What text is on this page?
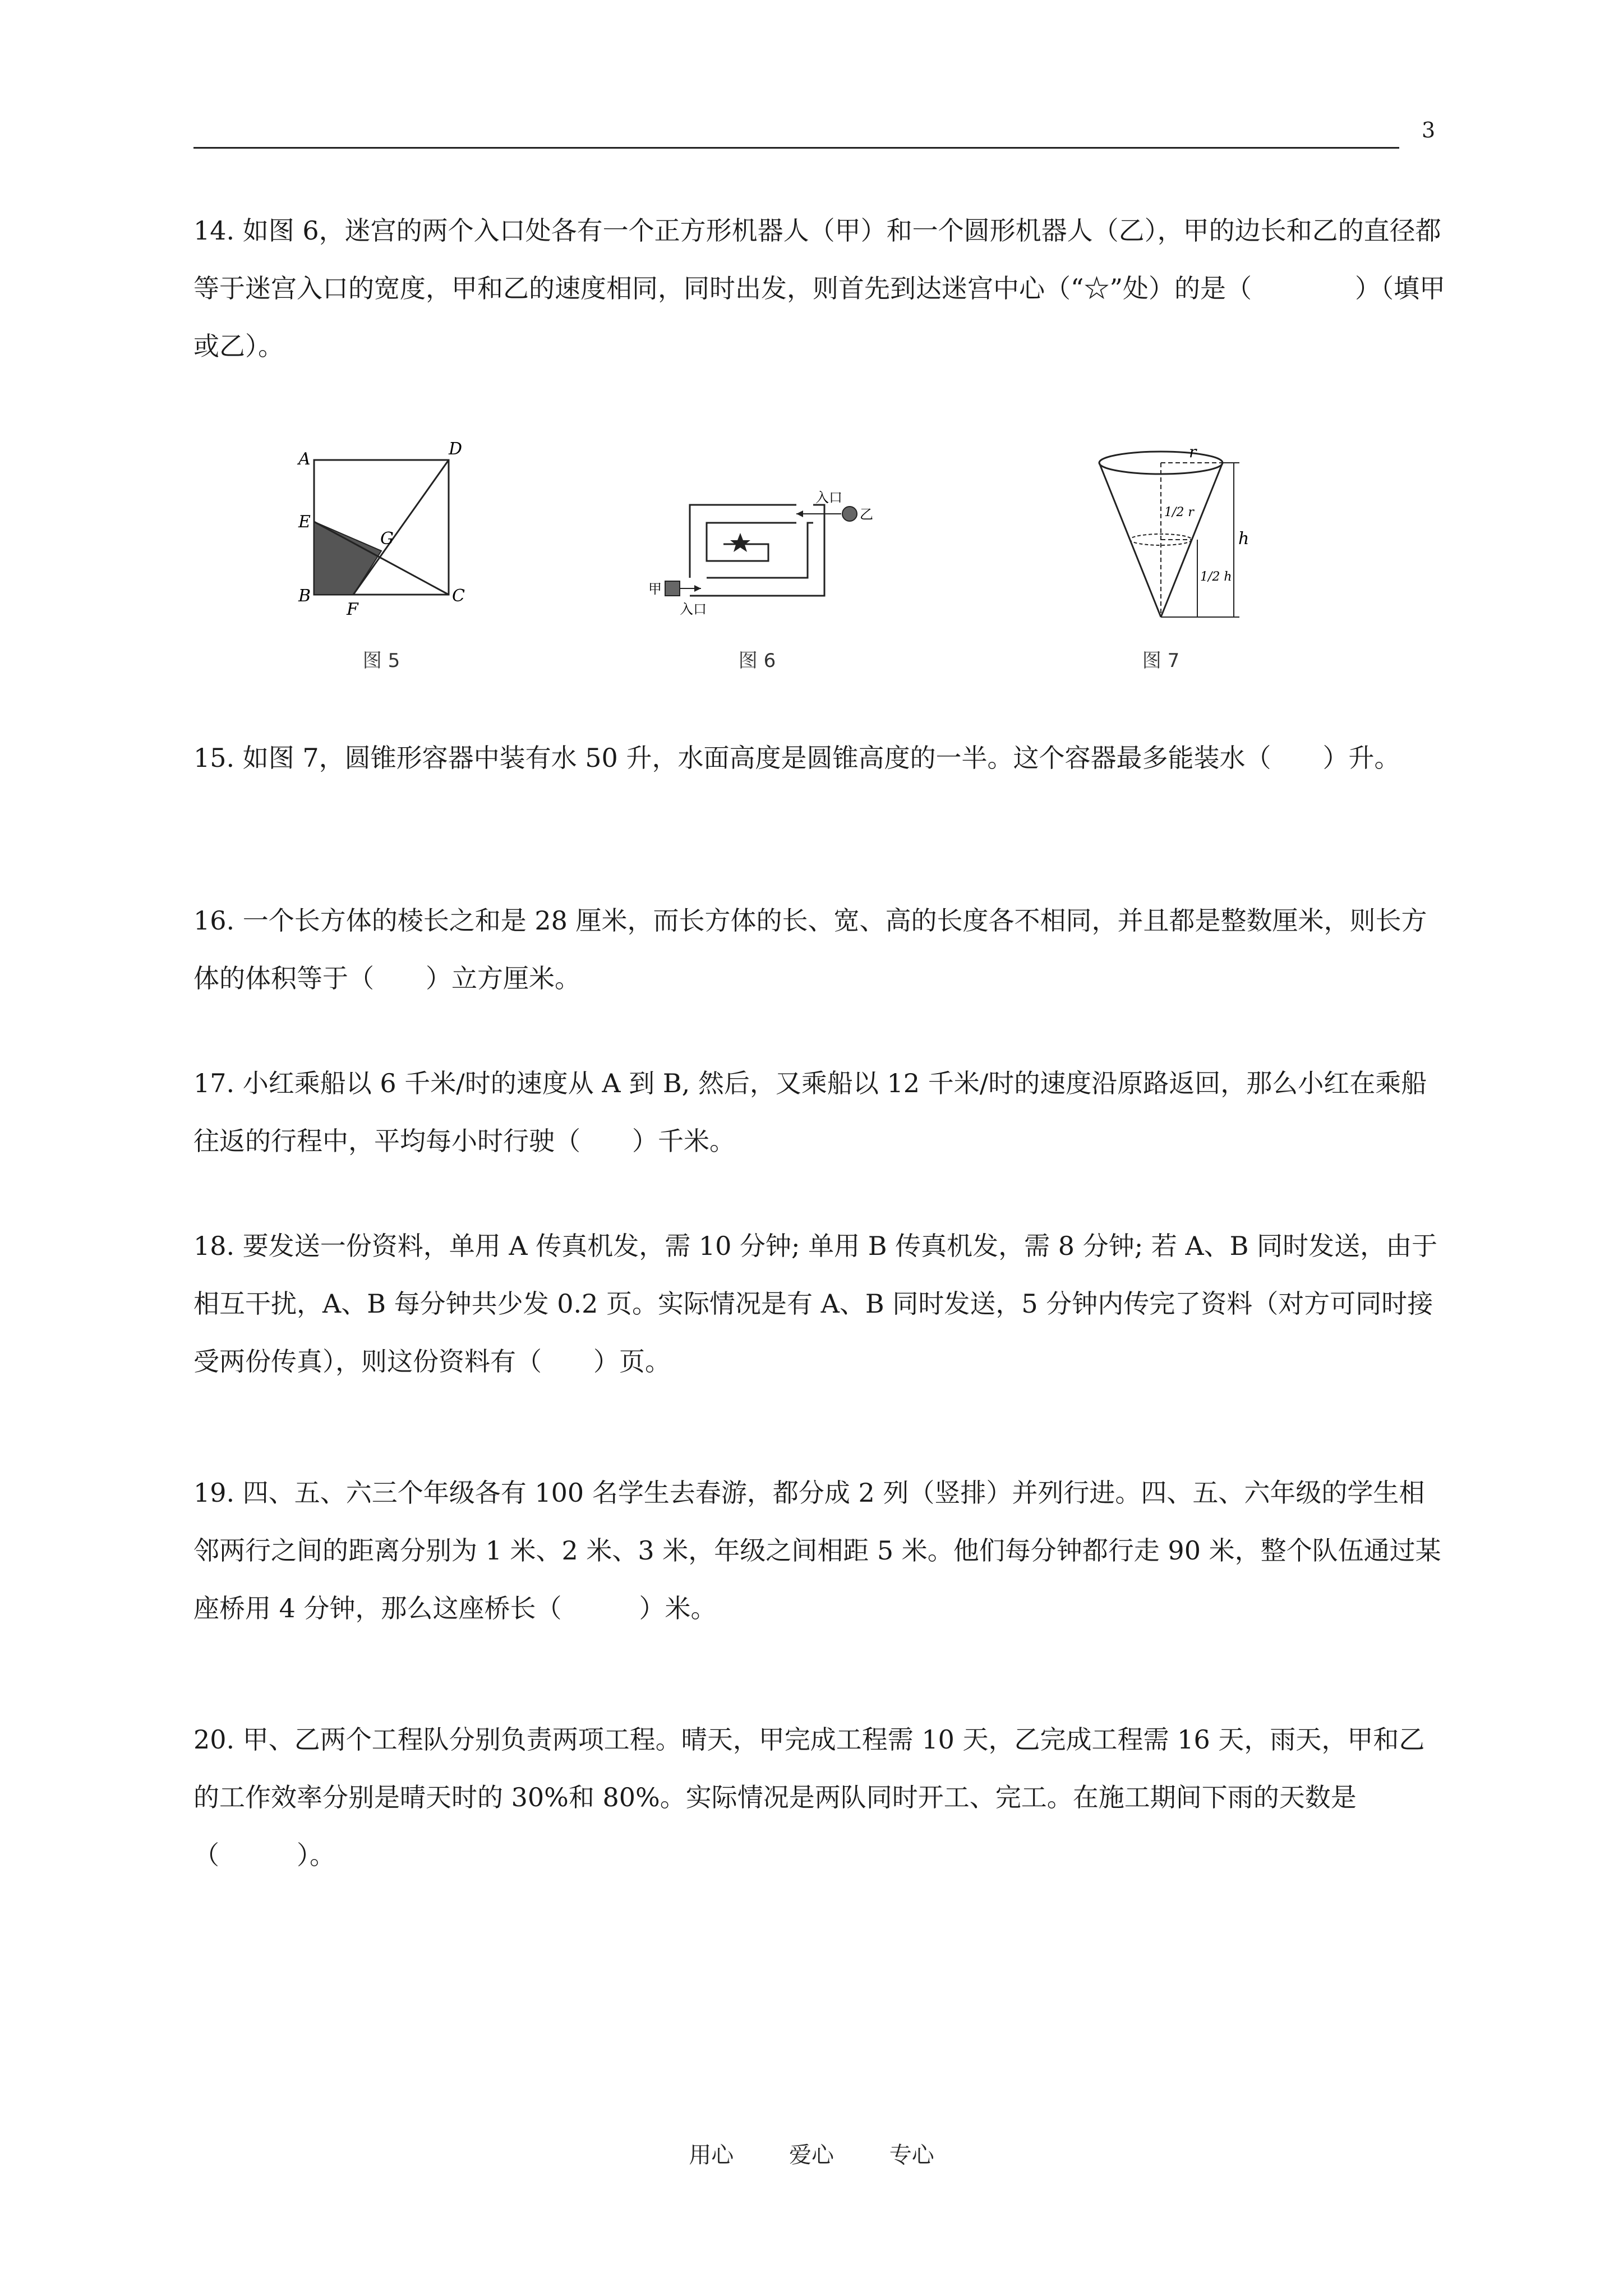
3

14. 如图 6，迷宫的两个入口处各有一个正方形机器人（甲）和一个圆形机器人（乙），甲的边长和乙的直径都等于迷宫入口的宽度，甲和乙的速度相同，同时出发，则首先到达迷宫中心（“☆”处）的是（　　　　）（填甲或乙）。

A
D
E
G
B
F
C
图 5
入口
乙
甲
入口
图 6
r
h
1/2 r
1/2 h
图 7

15. 如图 7，圆锥形容器中装有水 50 升，水面高度是圆锥高度的一半。这个容器最多能装水（　　）升。

16. 一个长方体的棱长之和是 28 厘米，而长方体的长、宽、高的长度各不相同，并且都是整数厘米，则长方体的体积等于（　　）立方厘米。

17. 小红乘船以 6 千米/时的速度从 A 到 B, 然后，又乘船以 12 千米/时的速度沿原路返回，那么小红在乘船往返的行程中，平均每小时行驶（　　）千米。

18. 要发送一份资料，单用 A 传真机发，需 10 分钟; 单用 B 传真机发，需 8 分钟; 若 A、B 同时发送，由于相互干扰，A、B 每分钟共少发 0.2 页。实际情况是有 A、B 同时发送，5 分钟内传完了资料（对方可同时接受两份传真），则这份资料有（　　）页。

19. 四、五、六三个年级各有 100 名学生去春游，都分成 2 列（竖排）并列行进。四、五、六年级的学生相邻两行之间的距离分别为 1 米、2 米、3 米，年级之间相距 5 米。他们每分钟都行走 90 米，整个队伍通过某座桥用 4 分钟，那么这座桥长（　　　）米。

20. 甲、乙两个工程队分别负责两项工程。晴天，甲完成工程需 10 天，乙完成工程需 16 天，雨天，甲和乙的工作效率分别是晴天时的 30%和 80%。实际情况是两队同时开工、完工。在施工期间下雨的天数是（　　　）。

用心 爱心 专心
